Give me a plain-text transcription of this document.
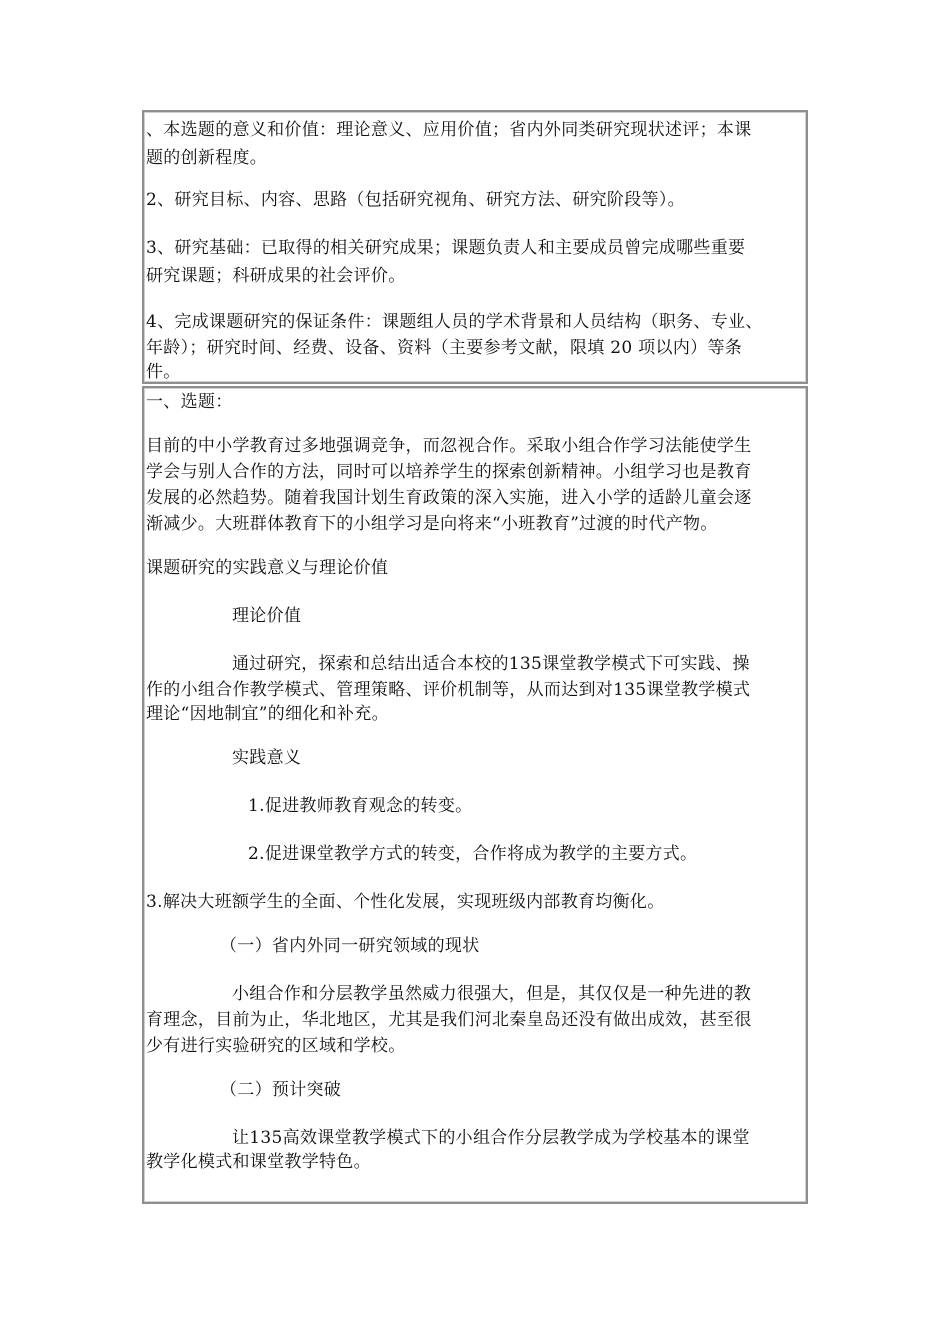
、本选题的意义和价值：理论意义、应用价值；省内外同类研究现状述评；本课
题的创新程度。
2、研究目标、内容、思路（包括研究视角、研究方法、研究阶段等）。
3、研究基础：已取得的相关研究成果；课题负责人和主要成员曾完成哪些重要
研究课题；科研成果的社会评价。
4、完成课题研究的保证条件：课题组人员的学术背景和人员结构（职务、专业、
年龄）；研究时间、经费、设备、资料（主要参考文献，限填 20 项以内）等条
件。
一、选题：
目前的中小学教育过多地强调竞争，而忽视合作。采取小组合作学习法能使学生
学会与别人合作的方法，同时可以培养学生的探索创新精神。小组学习也是教育
发展的必然趋势。随着我国计划生育政策的深入实施，进入小学的适龄儿童会逐
渐减少。大班群体教育下的小组学习是向将来“小班教育”过渡的时代产物。
课题研究的实践意义与理论价值
理论价值
通过研究，探索和总结出适合本校的135课堂教学模式下可实践、操
作的小组合作教学模式、管理策略、评价机制等，从而达到对135课堂教学模式
理论“因地制宜”的细化和补充。
实践意义
1.促进教师教育观念的转变。
2.促进课堂教学方式的转变，合作将成为教学的主要方式。
3.解决大班额学生的全面、个性化发展，实现班级内部教育均衡化。
（一）省内外同一研究领域的现状
小组合作和分层教学虽然威力很强大，但是，其仅仅是一种先进的教
育理念，目前为止，华北地区，尤其是我们河北秦皇岛还没有做出成效，甚至很
少有进行实验研究的区域和学校。
（二）预计突破
让135高效课堂教学模式下的小组合作分层教学成为学校基本的课堂
教学化模式和课堂教学特色。
